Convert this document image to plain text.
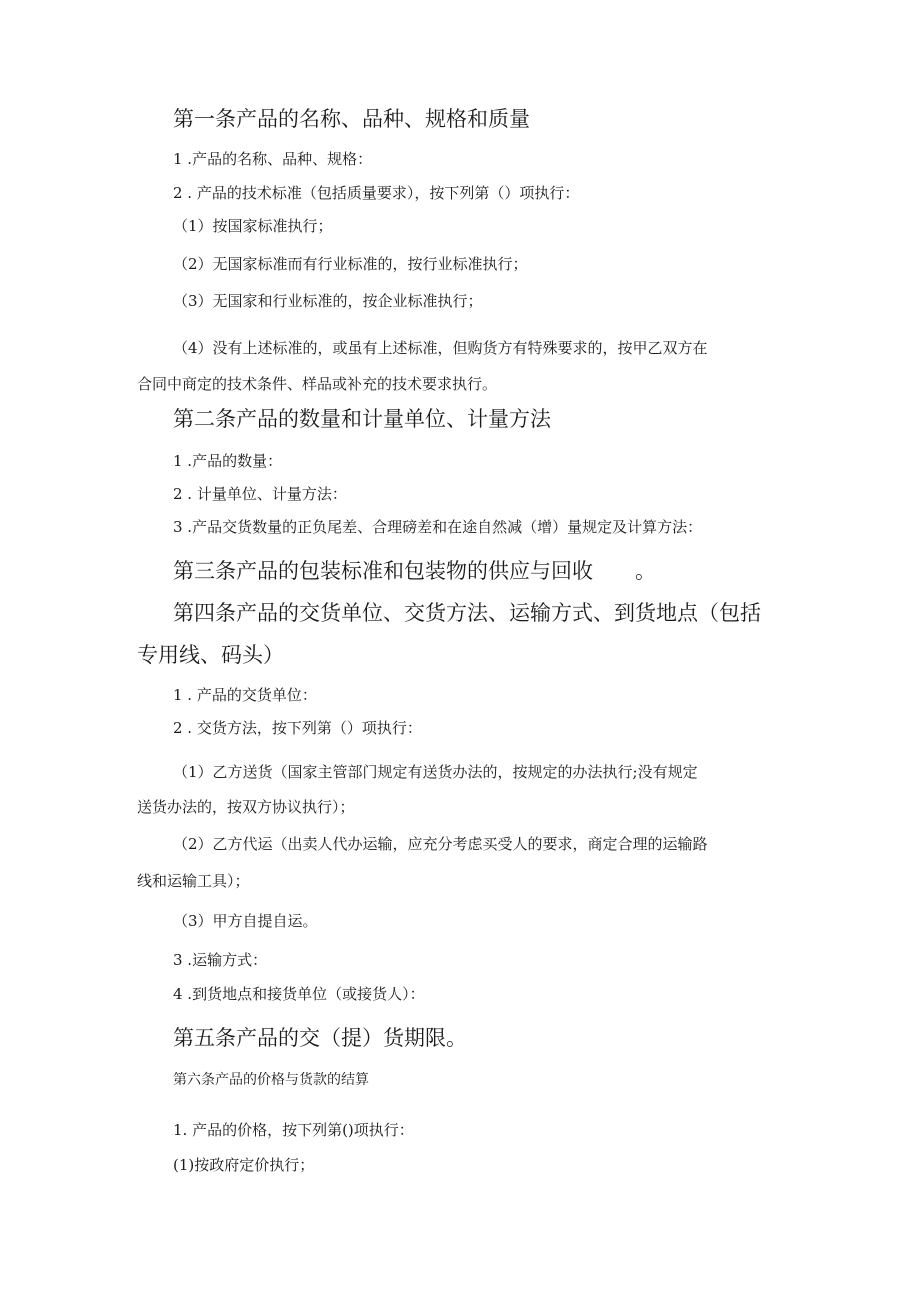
第一条产品的名称、品种、规格和质量
1 .产品的名称、品种、规格：
2 . 产品的技术标准（包括质量要求），按下列第（）项执行：
（1）按国家标准执行；
（2）无国家标准而有行业标准的，按行业标准执行；
（3）无国家和行业标准的，按企业标准执行；
（4）没有上述标准的，或虽有上述标准，但购货方有特殊要求的，按甲乙双方在
合同中商定的技术条件、样品或补充的技术要求执行。
第二条产品的数量和计量单位、计量方法
1 .产品的数量：
2 . 计量单位、计量方法：
3 .产品交货数量的正负尾差、合理磅差和在途自然减（增）量规定及计算方法：
第三条产品的包装标准和包装物的供应与回收 。
第四条产品的交货单位、交货方法、运输方式、到货地点（包括
专用线、码头）
1 . 产品的交货单位：
2 . 交货方法，按下列第（）项执行：
（1）乙方送货（国家主管部门规定有送货办法的，按规定的办法执行;没有规定
送货办法的，按双方协议执行）；
（2）乙方代运（出卖人代办运输，应充分考虑买受人的要求，商定合理的运输路
线和运输工具）；
（3）甲方自提自运。
3 .运输方式：
4 .到货地点和接货单位（或接货人）：
第五条产品的交（提）货期限。
第六条产品的价格与货款的结算
1. 产品的价格，按下列第()项执行：
(1)按政府定价执行；
